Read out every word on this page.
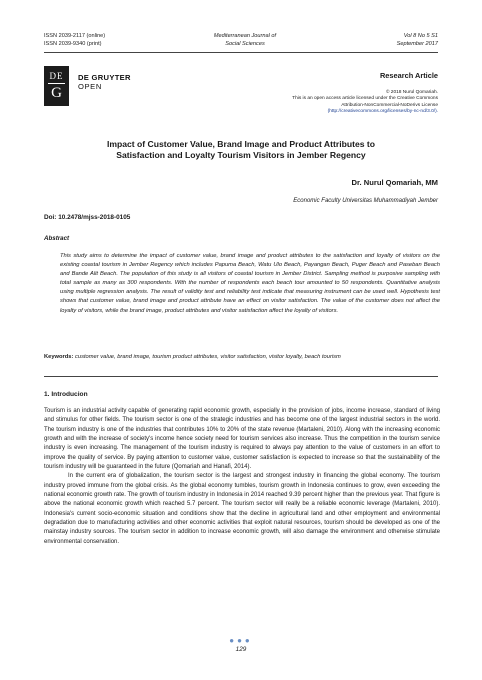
ISSN 2039-2117 (online)
ISSN 2039-9340 (print)
Mediterranean Journal of
Social Sciences
Vol 8 No 5 S1
September 2017
DE
G
DE GRUYTER
OPEN
Research Article
© 2018 Nurul Qomariah.
This is an open access article licensed under the Creative Commons
Attribution-NonCommercial-NoDerivs License
(http://creativecommons.org/licenses/by-nc-nd/3.0/).
Impact of Customer Value, Brand Image and Product Attributes to
Satisfaction and Loyalty Tourism Visitors in Jember Regency
Dr. Nurul Qomariah, MM
Economic Faculty Universitas Muhammadiyah Jember
Doi: 10.2478/mjss-2018-0105
Abstract
This study aims to determine the impact of customer value, brand image and product attributes to the satisfaction and loyalty of visitors on the existing coastal tourism in Jember Regency which includes Papuma Beach, Watu Ulo Beach, Payangan Beach, Puger Beach and Paseban Beach and Bande Alit Beach. The population of this study is all visitors of coastal tourism in Jember District. Sampling method is purposive sampling with total sample as many as 300 respondents. With the number of respondents each beach tour amounted to 50 respondents. Quantitative analysis using multiple regression analysis. The result of validity test and reliability test indicate that measuring instrument can be used well. Hypothesis test shows that customer value, brand image and product attribute have an effect on visitor satisfaction. The value of the customer does not affect the loyalty of visitors, while the brand image, product attributes and visitor satisfaction affect the loyalty of visitors.
Keywords: customer value, brand image, tourism product attributes, visitor satisfaction, visitor loyalty, beach tourism
1. Introducion

Tourism is an industrial activity capable of generating rapid economic growth, especially in the provision of jobs, income increase, standard of living and stimulus for other fields. The tourism sector is one of the strategic industries and has become one of the largest industrial sectors in the world. The tourism industry is one of the industries that contributes 10% to 20% of the state revenue (Martaleni, 2010). Along with the increasing economic growth and with the increase of society's income hence society need for tourism services also increase. Thus the competition in the tourism service industry is even increasing. The management of the tourism industry is required to always pay attention to the value of customers in an effort to improve the quality of service. By paying attention to customer value, customer satisfaction is expected to increase so that the sustainability of the tourism industry will be guaranteed in the future (Qomariah and Hanafi, 2014).

In the current era of globalization, the tourism sector is the largest and strongest industry in financing the global economy. The tourism industry proved immune from the global crisis. As the global economy tumbles, tourism growth in Indonesia continues to grow, even exceeding the national economic growth rate. The growth of tourism industry in Indonesia in 2014 reached 9.39 percent higher than the previous year. That figure is above the national economic growth which reached 5.7 percent. The tourism sector will really be a reliable economic leverage (Martaleni, 2010). Indonesia's current socio-economic situation and conditions show that the decline in agricultural land and other employment and environmental degradation due to manufacturing activities and other economic activities that exploit natural resources, tourism should be developed as one of the mainstay industry sources. The tourism sector in addition to increase economic growth, will also damage the environment and otherwise stimulate environmental conservation.

●●●
129
